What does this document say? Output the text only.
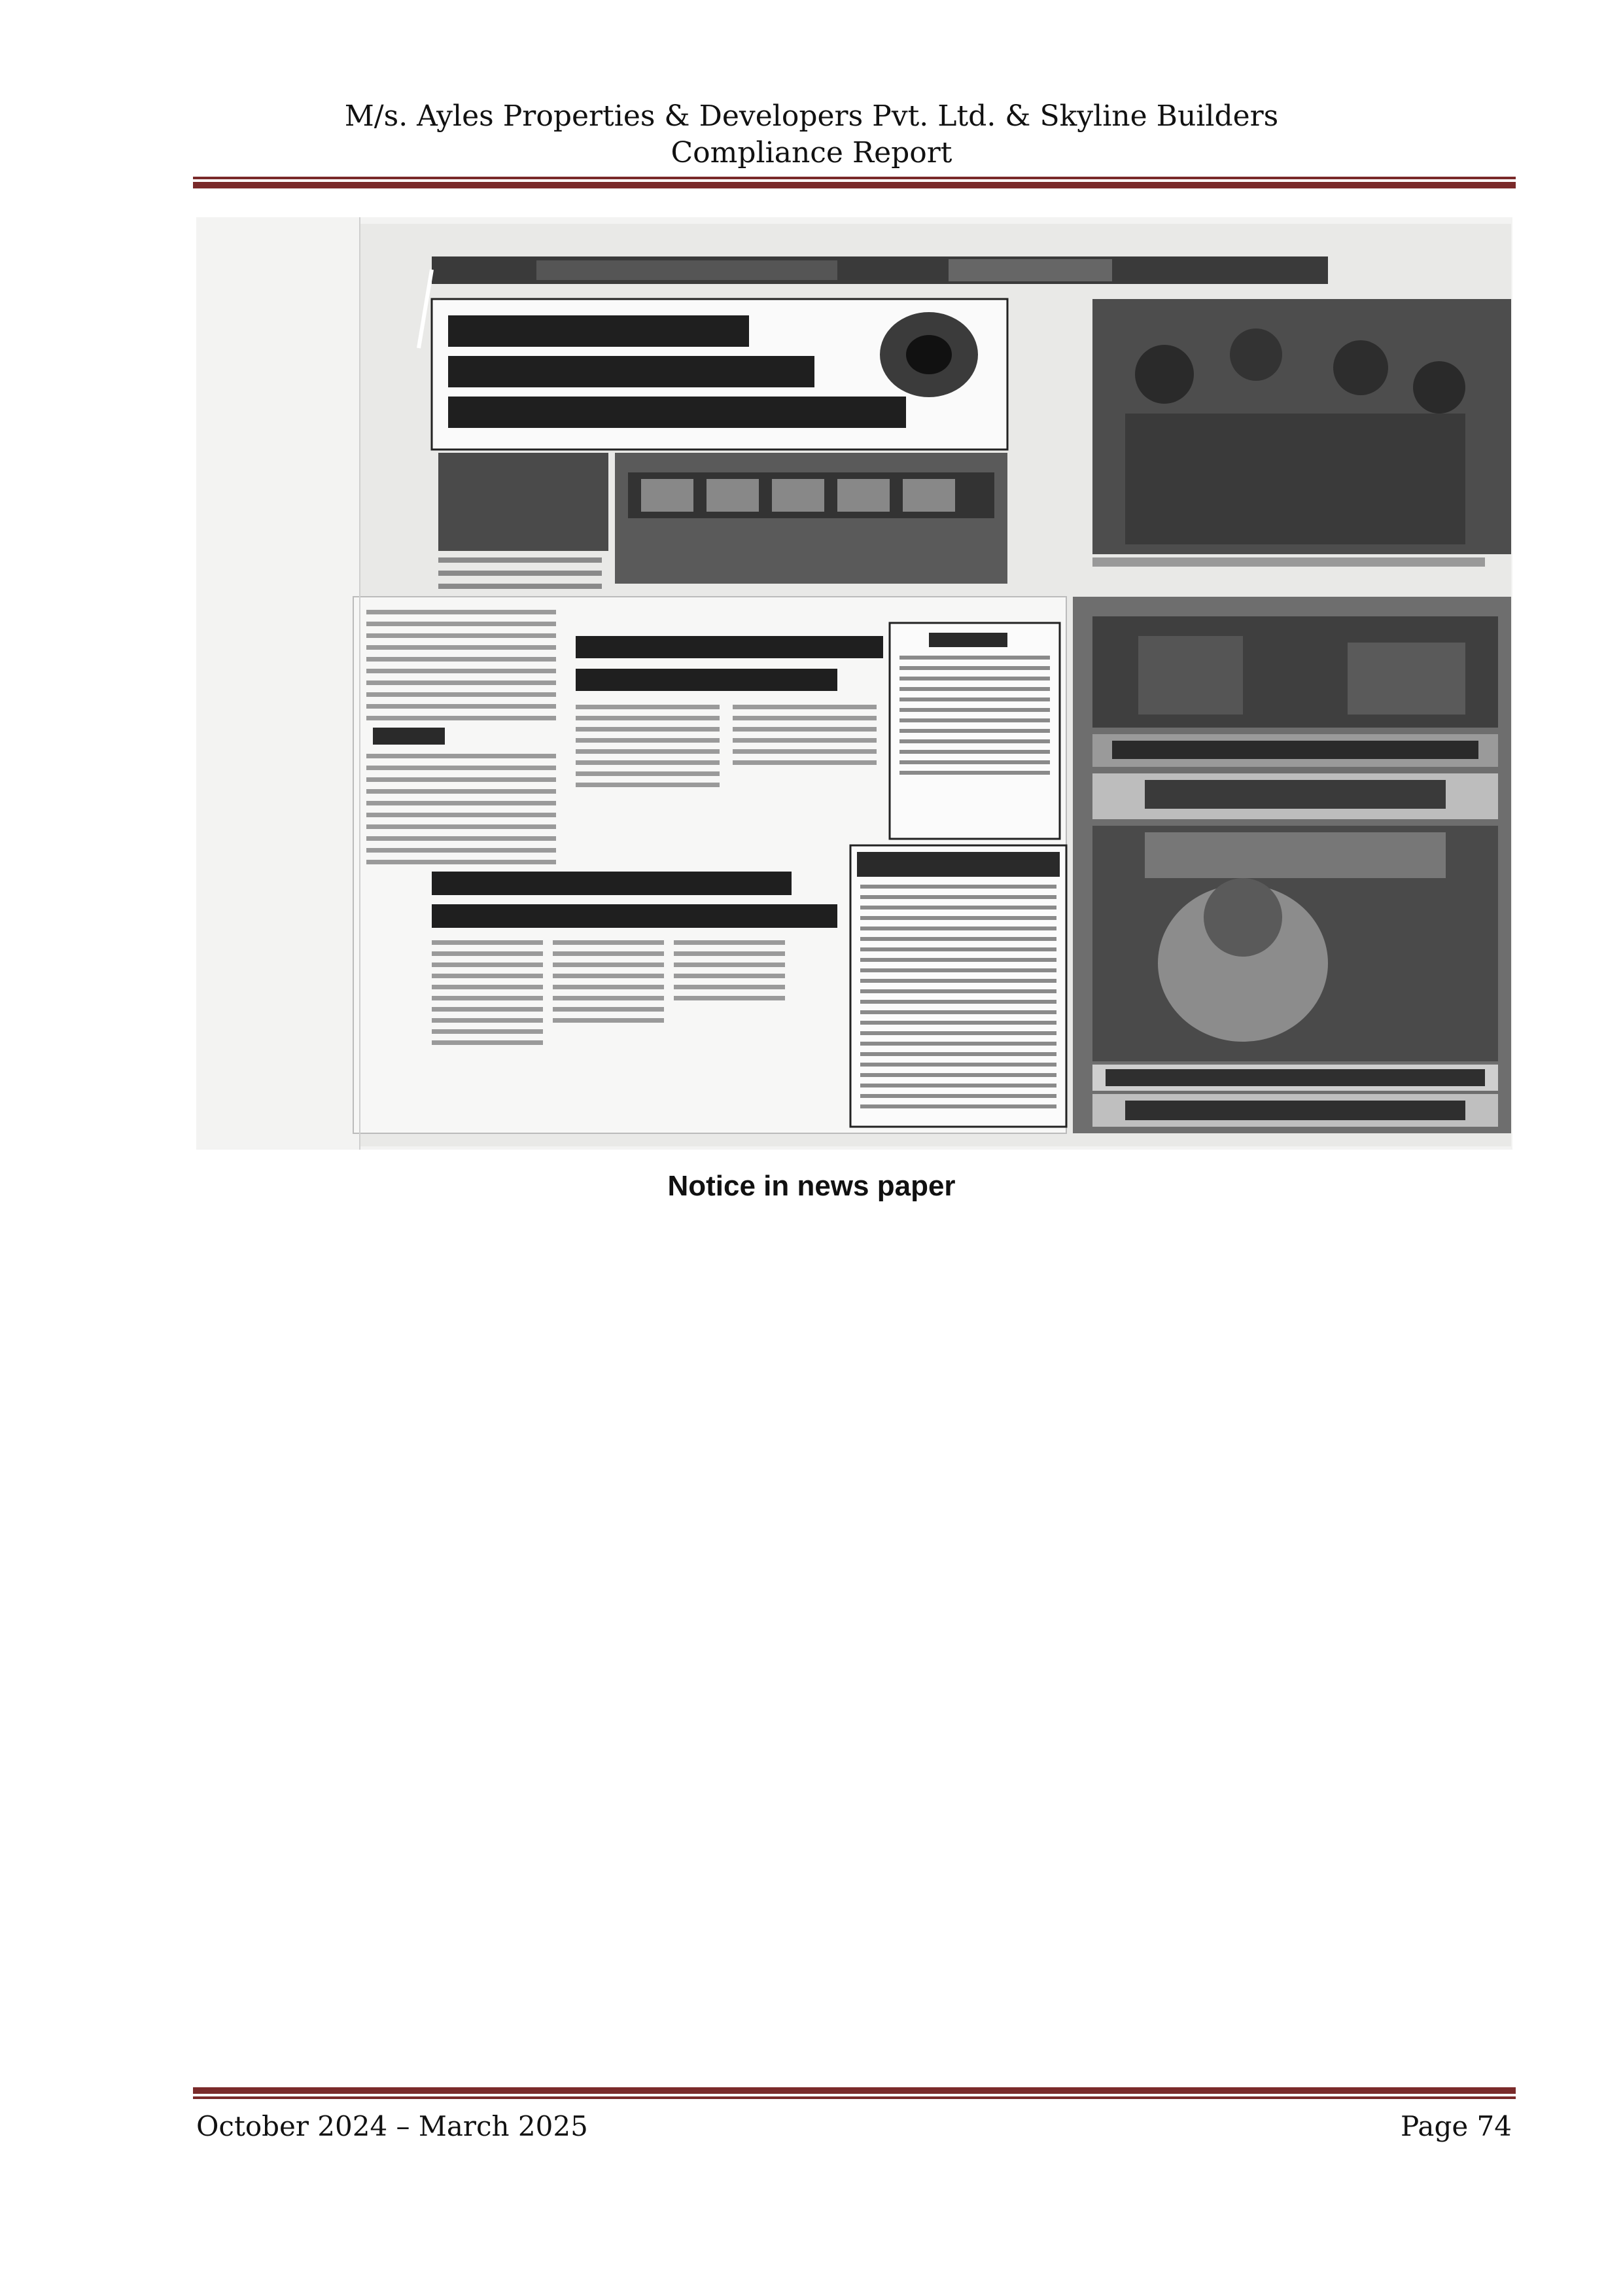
M/s. Ayles Properties & Developers Pvt. Ltd. & Skyline Builders
Compliance Report
Notice in news paper
October 2024 – March 2025	Page 74
